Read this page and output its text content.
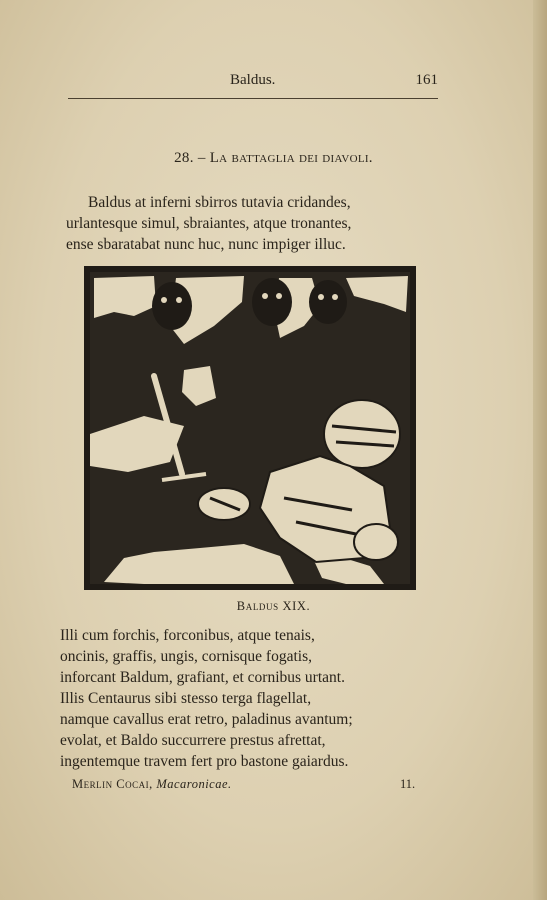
Baldus.	161
28. – La battaglia dei diavoli.
Baldus at inferni sbirros tutavia cridandes,
urlantesque simul, sbraiantes, atque tronantes,
ense sbaratabat nunc huc, nunc impiger illuc.
Baldus XIX.
Illi cum forchis, forconibus, atque tenais,
oncinis, graffis, ungis, cornisque fogatis,
inforcant Baldum, grafiant, et cornibus urtant.
Illis Centaurus sibi stesso terga flagellat,
namque cavallus erat retro, paladinus avantum;
evolat, et Baldo succurrere prestus afrettat,
ingentemque travem fert pro bastone gaiardus.
Merlin Cocai, Macaronicae.	11.
